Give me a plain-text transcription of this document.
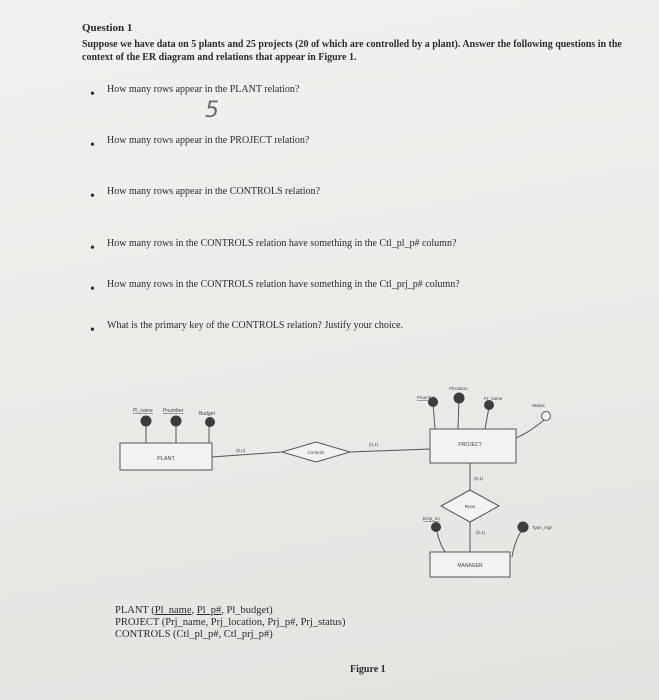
Question 1
Suppose we have data on 5 plants and 25 projects (20 of which are controlled by a plant). Answer the following questions in the context of the ER diagram and relations that appear in Figure 1.
• How many rows appear in the PLANT relation?
5
• How many rows appear in the PROJECT relation?
• How many rows appear in the CONTROLS relation?
• How many rows in the CONTROLS relation have something in the Ctl_pl_p# column?
• How many rows in the CONTROLS relation have something in the Ctl_prj_p# column?
• What is the primary key of the CONTROLS relation? Justify your choice.
PLANT
Pl_name Pnumber	Budget
Controls
(0,n)
(0,1)	PROJECT
Pnumber
Plocation
Pr_name
Status
Runs
(0,1)
(0,1)
MANAGER
Emp_no
Type_mgr
PLANT (Pl_name, Pl_p#, Pl_budget)
PROJECT (Prj_name, Prj_location, Prj_p#, Prj_status)
CONTROLS (Ctl_pl_p#, Ctl_prj_p#)
Figure 1
